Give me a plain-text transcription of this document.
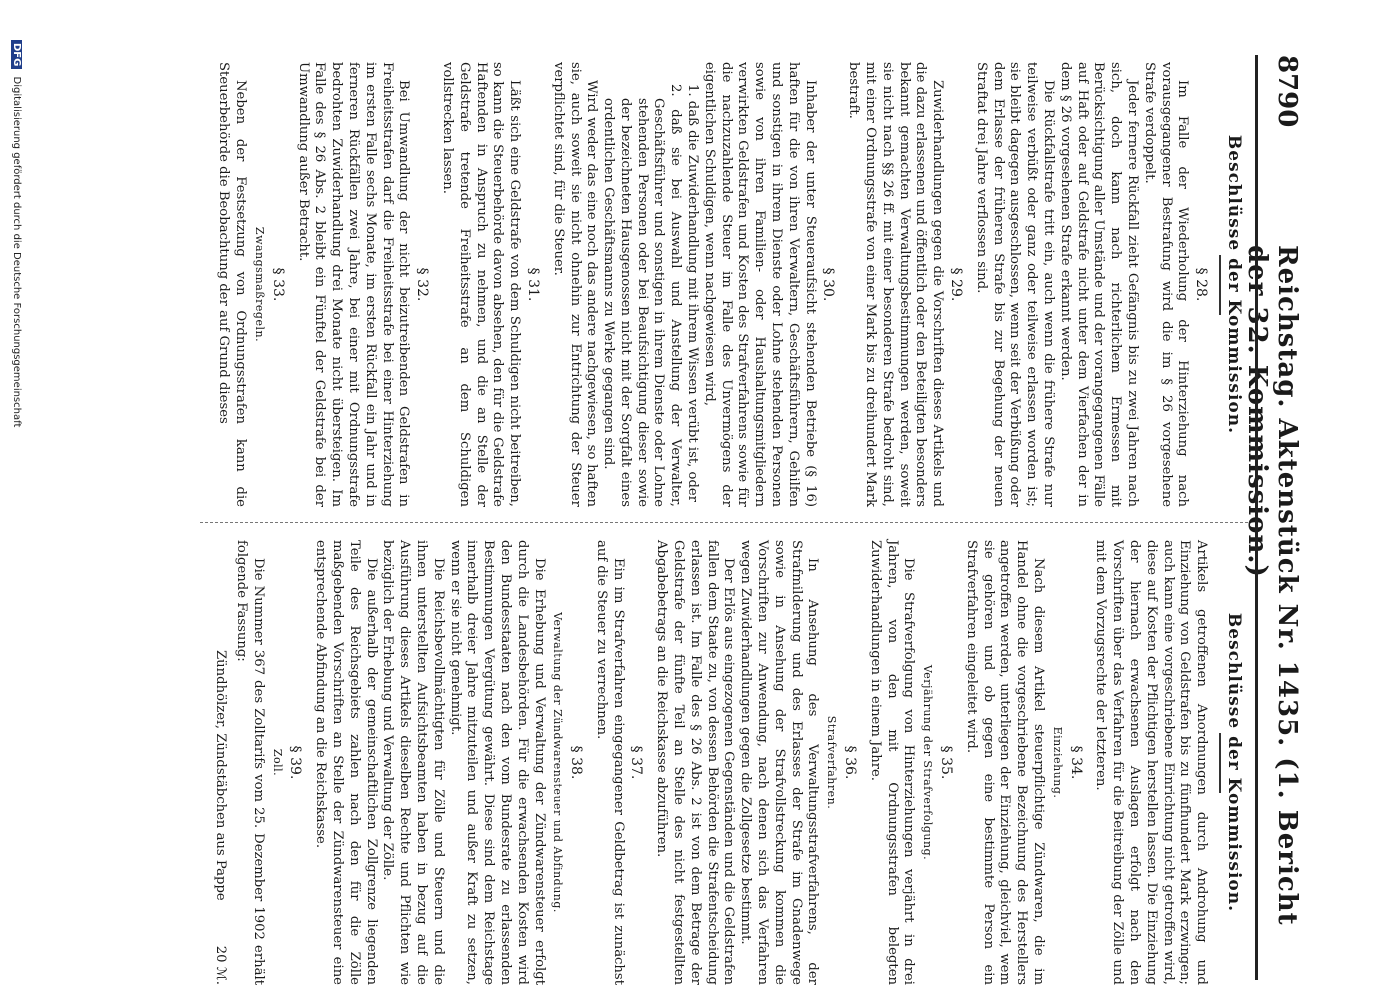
8790
Reichstag. Aktenstück Nr. 1435. (1. Bericht der 32. Kommission.)
Beschlüsse der Kommission.
§ 28.

Im Falle der Wiederholung der Hinterziehung nach vorausgegangener Bestrafung wird die im § 26 vorgesehene Strafe verdoppelt.

Jeder fernere Rückfall zieht Gefängnis bis zu zwei Jahren nach sich, doch kann nach richterlichem Ermessen mit Berücksichtigung aller Umstände und der vorangegangenen Fälle auf Haft oder auf Geldstrafe nicht unter dem Vierfachen der in dem § 26 vorgesehenen Strafe erkannt werden.

Die Rückfallstrafe tritt ein, auch wenn die frühere Strafe nur teilweise verbüßt oder ganz oder teilweise erlassen worden ist; sie bleibt dagegen ausgeschlossen, wenn seit der Verbüßung oder dem Erlasse der früheren Strafe bis zur Begehung der neuen Straftat drei Jahre verflossen sind.

§ 29.

Zuwiderhandlungen gegen die Vorschriften dieses Artikels und die dazu erlassenen und öffentlich oder den Beteiligten besonders bekannt gemachten Verwaltungsbestimmungen werden, soweit sie nicht nach §§ 26 ff. mit einer besonderen Strafe bedroht sind, mit einer Ordnungsstrafe von einer Mark bis zu dreihundert Mark bestraft.

§ 30.

Inhaber der unter Steueraufsicht stehenden Betriebe (§ 16) haften für die von ihren Verwaltern, Geschäftsführern, Gehilfen und sonstigen in ihrem Dienste oder Lohne stehenden Personen sowie von ihren Familien- oder Haushaltungsmitgliedern verwirkten Geldstrafen und Kosten des Strafverfahrens sowie für die nachzuzahlende Steuer im Falle des Unvermögens der eigentlichen Schuldigen, wenn nachgewiesen wird,

1. daß die Zuwiderhandlung mit ihrem Wissen verübt ist, oder

2. daß sie bei Auswahl und Anstellung der Verwalter, Geschäftsführer und sonstigen in ihrem Dienste oder Lohne stehenden Personen oder bei Beaufsichtigung dieser sowie der bezeichneten Hausgenossen nicht mit der Sorgfalt eines ordentlichen Geschäftsmanns zu Werke gegangen sind.

Wird weder das eine noch das andere nachgewiesen, so haften sie, auch soweit sie nicht ohnehin zur Entrichtung der Steuer verpflichtet sind, für die Steuer.

§ 31.

Läßt sich eine Geldstrafe von dem Schuldigen nicht beitreiben, so kann die Steuerbehörde davon absehen, den für die Geldstrafe Haftenden in Anspruch zu nehmen, und die an Stelle der Geldstrafe tretende Freiheitsstrafe an dem Schuldigen vollstrecken lassen.

§ 32.

Bei Umwandlung der nicht beizutreibenden Geldstrafen in Freiheitsstrafen darf die Freiheitsstrafe bei einer Hinterziehung im ersten Falle sechs Monate, im ersten Rückfall ein Jahr und in ferneren Rückfällen zwei Jahre, bei einer mit Ordnungsstrafe bedrohten Zuwiderhandlung drei Monate nicht übersteigen. Im Falle des § 26 Abs. 2 bleibt ein Fünftel der Geldstrafe bei der Umwandlung außer Betracht.

§ 33.
Zwangsmaßregeln.

Neben der Festsetzung von Ordnungsstrafen kann die Steuerbehörde die Beobachtung der auf Grund dieses

Beschlüsse der Kommission.

Artikels getroffenen Anordnungen durch Androhung und Einziehung von Geldstrafen bis zu fünfhundert Mark erzwingen; auch kann eine vorgeschriebene Einrichtung nicht getroffen wird, diese auf Kosten der Pflichtigen herstellen lassen. Die Einziehung der hiernach erwachsenen Auslagen erfolgt nach den Vorschriften über das Verfahren für die Beitreibung der Zölle und mit dem Vorzugsrechte der letzteren.

§ 34.
Einziehung.

Nach diesem Artikel steuerpflichtige Zündwaren, die im Handel ohne die vorgeschriebene Bezeichnung des Herstellers angetroffen werden, unterliegen der Einziehung, gleichviel, wem sie gehören und ob gegen eine bestimmte Person ein Strafverfahren eingeleitet wird.

§ 35.
Verjährung der Strafverfolgung.

Die Strafverfolgung von Hinterziehungen verjährt in drei Jahren, von den mit Ordnungsstrafen belegten Zuwiderhandlungen in einem Jahre.

§ 36.
Strafverfahren.

In Ansehung des Verwaltungsstrafverfahrens, der Strafmilderung und des Erlasses der Strafe im Gnadenwege sowie in Ansehung der Strafvollstreckung kommen die Vorschriften zur Anwendung, nach denen sich das Verfahren wegen Zuwiderhandlungen gegen die Zollgesetze bestimmt.

Der Erlös aus eingezogenen Gegenständen und die Geldstrafen fallen dem Staate zu, von dessen Behörden die Strafentscheidung erlassen ist. Im Falle des § 26 Abs. 2 ist von dem Betrage der Geldstrafe der fünfte Teil an Stelle des nicht festgestellten Abgabebetrags an die Reichskasse abzuführen.

§ 37.

Ein im Strafverfahren eingegangener Geldbetrag ist zunächst auf die Steuer zu verrechnen.

§ 38.
Verwaltung der Zündwarensteuer und Abfindung.

Die Erhebung und Verwaltung der Zündwarensteuer erfolgt durch die Landesbehörden. Für die erwachsenden Kosten wird den Bundesstaaten nach den vom Bundesrate zu erlassenden Bestimmungen Vergütung gewährt. Diese sind dem Reichstage innerhalb dreier Jahre mitzuteilen und außer Kraft zu setzen, wenn er sie nicht genehmigt.

Die Reichsbevollmächtigten für Zölle und Steuern und die ihnen unterstellten Aufsichtsbeamten haben in bezug auf die Ausführung dieses Artikels dieselben Rechte und Pflichten wie bezüglich der Erhebung und Verwaltung der Zölle.

Die außerhalb der gemeinschaftlichen Zollgrenze liegenden Teile des Reichsgebiets zahlen nach den für die Zölle maßgebenden Vorschriften an Stelle der Zündwarensteuer eine entsprechende Abfindung an die Reichskasse.

§ 39.
Zoll.

Die Nummer 367 des Zolltarifs vom 25. Dezember 1902 erhält folgende Fassung:

Zündhölzer, Zündstäbchen aus Pappe
20 ℳ.
DFG Digitalisierung gefördert durch die Deutsche Forschungsgemeinschaft
